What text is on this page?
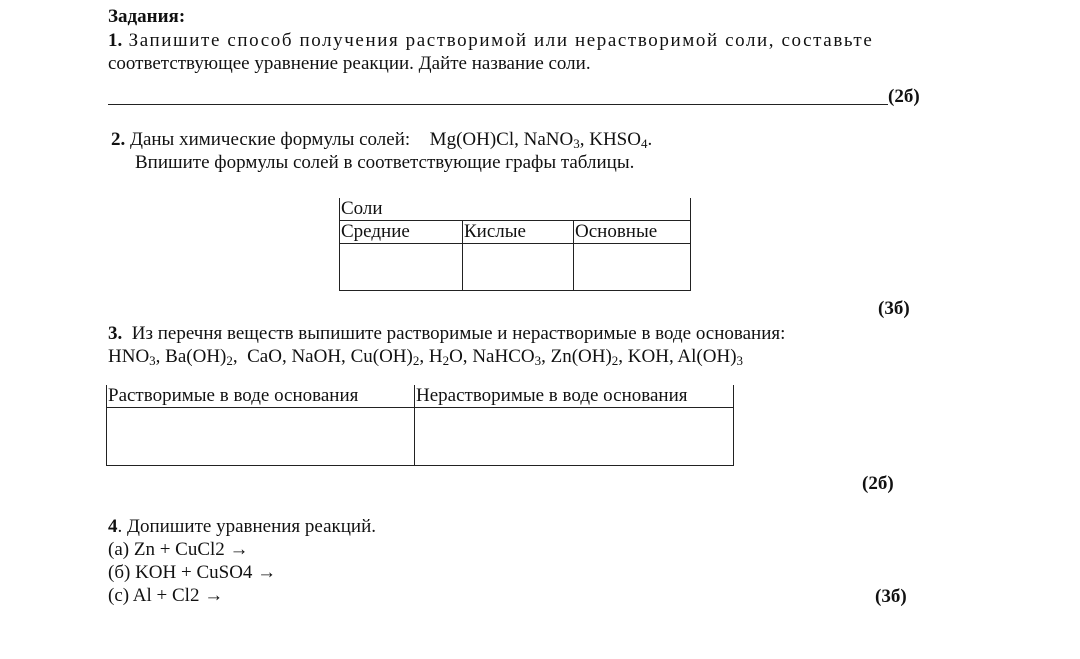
Задания:
1. Запишите способ получения растворимой или нерастворимой соли, составьте
соответствующее уравнение реакции. Дайте название соли.
(2б)
2. Даны химические формулы солей: Mg(OH)Cl, NaNO$_3$, $KHSO_4$.
Впишите формулы солей в соответствующие графы таблицы.
Соли		
Средние	Кислые	Основные

(3б)
3. Из перечня веществ выпишите растворимые и нерастворимые в воде основания:
$HNO_3$, $Ba(OH)_2$, CaO, NaOH, $Cu(OH)_2$, $H_2O$, NaHCO$_3$, $Zn(OH)_2$, KOH, $Al(OH)_3$
Растворимые в воде основания	Нерастворимые в воде основания

(2б)
4. Допишите уравнения реакций.
(а) Zn + CuCl2 →
(б) KOH + CuSO4 →
(c) Al + Cl2 →	(3б)
